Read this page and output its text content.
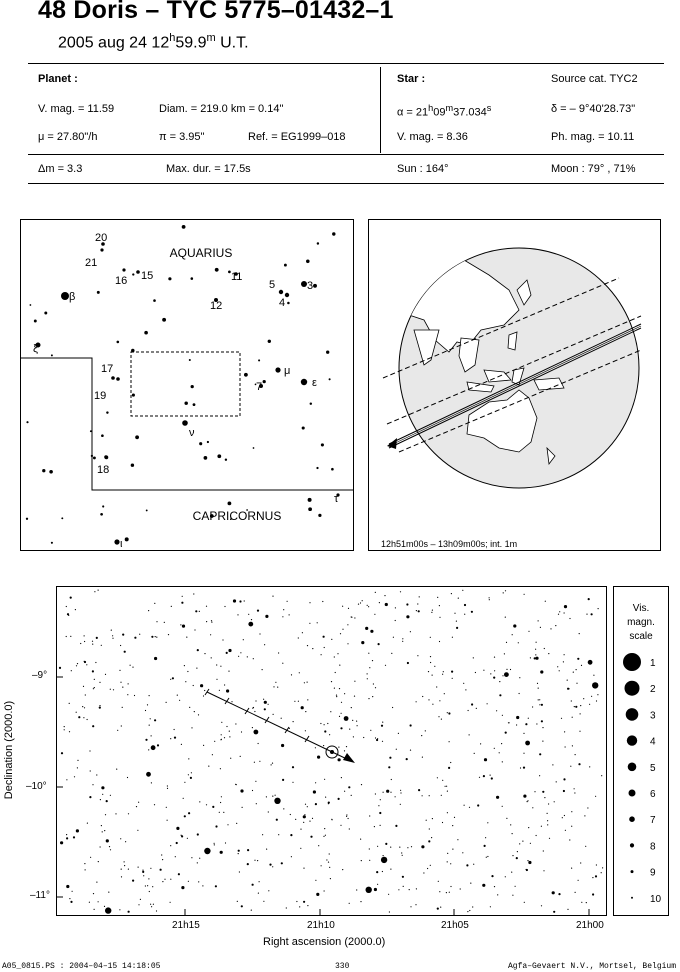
48 Doris – TYC 5775–01432–1
2005 aug 24 12$^h$59.9$^m$ U.T.
Planet :
V. mag. = 11.59	Diam. = 219.0 km = 0.14"
μ = 27.80"/h	π = 3.95"	Ref. = EG1999–018
Δm = 3.3	Max. dur. = 17.5s
Star :	Source cat. TYC2
$\alpha = 21^h09^m37.034^s$	δ = – 9°40'28.73"
V. mag. = 8.36	Ph. mag. = 10.11
Sun : 164°	Moon : 79° , 71%
AQUARIUS
CAPRICORNUS
20
21
16 15	11
5	3
4
12
β
ξ
17
19
μ
ε
7
ν
18
τ
ι	12h51m00s – 13h09m00s; int. 1m
–9°
–10°
–11°
Declination (2000.0)
21h15	21h10	21h05	21h00
Right ascension (2000.0)
Vis.
magn.
scale
1
2
3
4
5
6
7
8
9
10
A05_0815.PS : 2004–04–15 14:18:05	330	Agfa–Gevaert N.V., Mortsel, Belgium
